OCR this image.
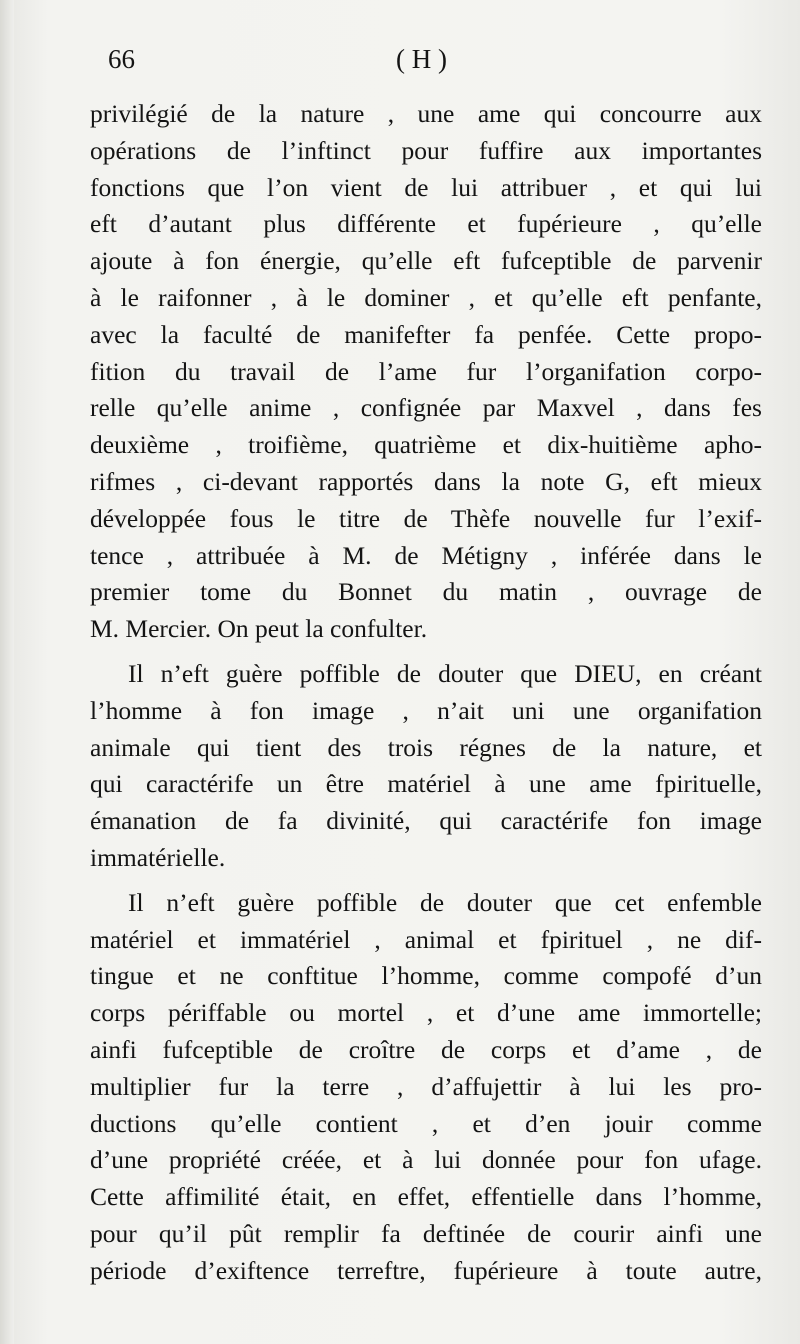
66	( H )
privilégié de la nature , une ame qui concourre aux
opérations de l’inftinct pour fuffire aux importantes
fonctions que l’on vient de lui attribuer , et qui lui
eft d’autant plus différente et fupérieure , qu’elle
ajoute à fon énergie, qu’elle eft fufceptible de parvenir
à le raifonner , à le dominer , et qu’elle eft penfante,
avec la faculté de manifefter fa penfée. Cette propo-
fition du travail de l’ame fur l’organifation corpo-
relle qu’elle anime , confignée par Maxvel , dans fes
deuxième , troifième, quatrième et dix-huitième apho-
rifmes , ci-devant rapportés dans la note G, eft mieux
développée fous le titre de Thèfe nouvelle fur l’exif-
tence , attribuée à M. de Métigny , inférée dans le
premier tome du Bonnet du matin , ouvrage de
M. Mercier. On peut la confulter.
Il n’eft guère poffible de douter que DIEU, en créant
l’homme à fon image , n’ait uni une organifation
animale qui tient des trois régnes de la nature, et
qui caractérife un être matériel à une ame fpirituelle,
émanation de fa divinité, qui caractérife fon image
immatérielle.
Il n’eft guère poffible de douter que cet enfemble
matériel et immatériel , animal et fpirituel , ne dif-
tingue et ne conftitue l’homme, comme compofé d’un
corps périffable ou mortel , et d’une ame immortelle;
ainfi fufceptible de croître de corps et d’ame , de
multiplier fur la terre , d’affujettir à lui les pro-
ductions qu’elle contient , et d’en jouir comme
d’une propriété créée, et à lui donnée pour fon ufage.
Cette affimilité était, en effet, effentielle dans l’homme,
pour qu’il pût remplir fa deftinée de courir ainfi une
période d’exiftence terreftre, fupérieure à toute autre,
